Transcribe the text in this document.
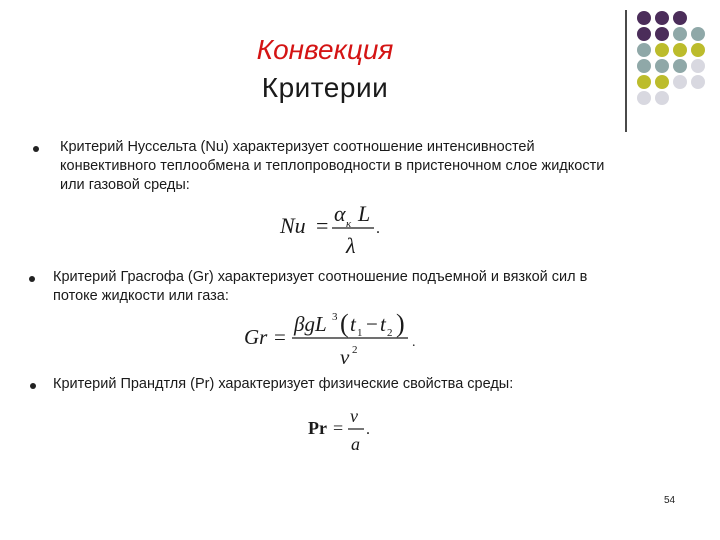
Конвекция
Критерии
Критерий Нуссельта (Nu) характеризует соотношение интенсивностей конвективного теплообмена и теплопроводности в пристеночном слое жидкости или газовой среды:
Nu = α к L
λ
.
Критерий Грасгофа (Gr) характеризует соотношение подъемной и вязкой сил в потоке жидкости или газа:
Gr =
βgL 3 ( t 1 − t 2 )
ν 2	.
Критерий Прандтля (Pr) характеризует физические свойства среды:
Pr =
ν
a
.
54
